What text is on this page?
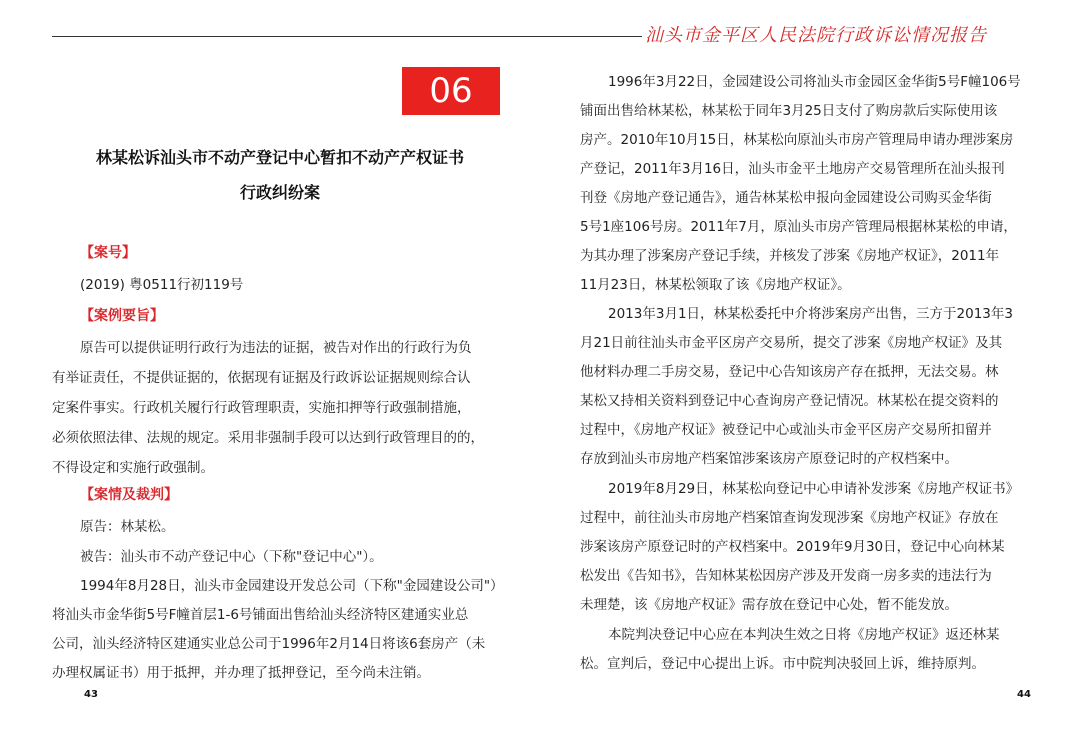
汕头市金平区人民法院行政诉讼情况报告
06
林某松诉汕头市不动产登记中心暂扣不动产产权证书
行政纠纷案
【案号】
(2019) 粤0511行初119号
【案例要旨】
原告可以提供证明行政行为违法的证据，被告对作出的行政行为负
有举证责任，不提供证据的，依据现有证据及行政诉讼证据规则综合认
定案件事实。行政机关履行行政管理职责，实施扣押等行政强制措施，
必须依照法律、法规的规定。采用非强制手段可以达到行政管理目的的，
不得设定和实施行政强制。
【案情及裁判】
原告：林某松。
被告：汕头市不动产登记中心（下称"登记中心"）。
1994年8月28日，汕头市金园建设开发总公司（下称"金园建设公司"）
将汕头市金华街5号F幢首层1-6号铺面出售给汕头经济特区建通实业总
公司，汕头经济特区建通实业总公司于1996年2月14日将该6套房产（未
办理权属证书）用于抵押，并办理了抵押登记，至今尚未注销。
43
1996年3月22日，金园建设公司将汕头市金园区金华街5号F幢106号
铺面出售给林某松，林某松于同年3月25日支付了购房款后实际使用该
房产。2010年10月15日，林某松向原汕头市房产管理局申请办理涉案房
产登记，2011年3月16日，汕头市金平土地房产交易管理所在汕头报刊
刊登《房地产登记通告》，通告林某松申报向金园建设公司购买金华街
5号1座106号房。2011年7月，原汕头市房产管理局根据林某松的申请，
为其办理了涉案房产登记手续，并核发了涉案《房地产权证》，2011年
11月23日，林某松领取了该《房地产权证》。
2013年3月1日，林某松委托中介将涉案房产出售，三方于2013年3
月21日前往汕头市金平区房产交易所，提交了涉案《房地产权证》及其
他材料办理二手房交易，登记中心告知该房产存在抵押，无法交易。林
某松又持相关资料到登记中心查询房产登记情况。林某松在提交资料的
过程中，《房地产权证》被登记中心或汕头市金平区房产交易所扣留并
存放到汕头市房地产档案馆涉案该房产原登记时的产权档案中。
2019年8月29日，林某松向登记中心申请补发涉案《房地产权证书》
过程中，前往汕头市房地产档案馆查询发现涉案《房地产权证》存放在
涉案该房产原登记时的产权档案中。2019年9月30日，登记中心向林某
松发出《告知书》，告知林某松因房产涉及开发商一房多卖的违法行为
未理楚，该《房地产权证》需存放在登记中心处，暂不能发放。
本院判决登记中心应在本判决生效之日将《房地产权证》返还林某
松。宣判后，登记中心提出上诉。市中院判决驳回上诉，维持原判。
44
